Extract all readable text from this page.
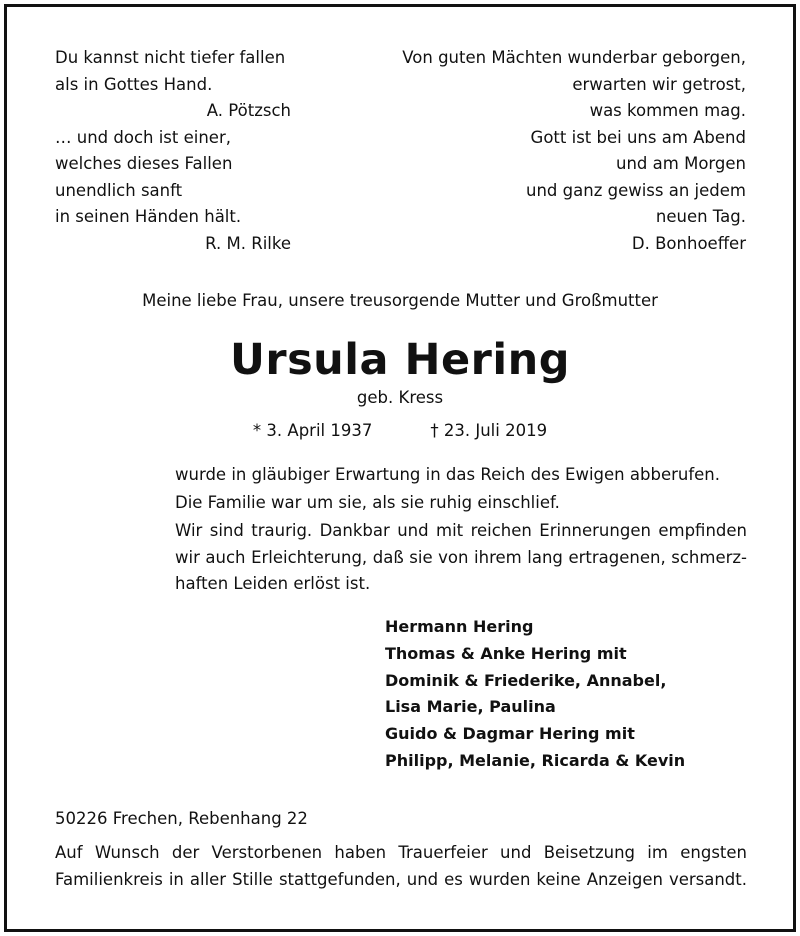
Du kannst nicht tiefer fallen
als in Gottes Hand.
A. Pötzsch
… und doch ist einer,
welches dieses Fallen
unendlich sanft
in seinen Händen hält.
R. M. Rilke
Von guten Mächten wunderbar geborgen,
erwarten wir getrost,
was kommen mag.
Gott ist bei uns am Abend
und am Morgen
und ganz gewiss an jedem
neuen Tag.
D. Bonhoeffer
Meine liebe Frau, unsere treusorgende Mutter und Großmutter
Ursula Hering
geb. Kress
* 3. April 1937	† 23. Juli 2019
wurde in gläubiger Erwartung in das Reich des Ewigen abberufen.
Die Familie war um sie, als sie ruhig einschlief.
Wir sind traurig. Dankbar und mit reichen Erinnerungen empfinden
wir auch Erleichterung, daß sie von ihrem lang ertragenen, schmerz-
haften Leiden erlöst ist.
Hermann Hering
Thomas & Anke Hering mit
Dominik & Friederike, Annabel,
Lisa Marie, Paulina
Guido & Dagmar Hering mit
Philipp, Melanie, Ricarda & Kevin
50226 Frechen, Rebenhang 22
Auf Wunsch der Verstorbenen haben Trauerfeier und Beisetzung im engsten
Familienkreis in aller Stille stattgefunden, und es wurden keine Anzeigen versandt.
